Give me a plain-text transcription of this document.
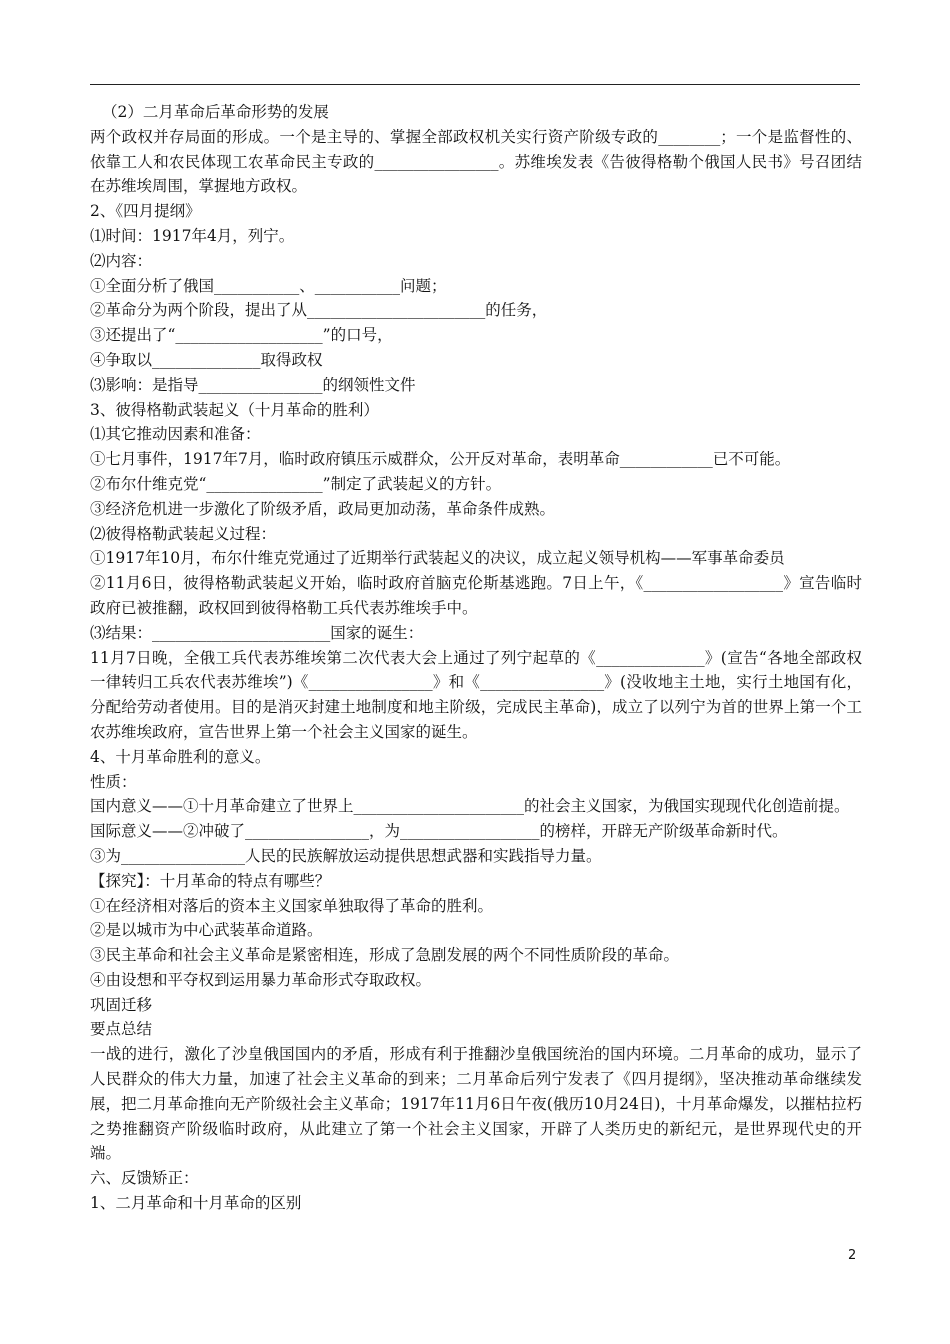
（2）二月革命后革命形势的发展

两个政权并存局面的形成。一个是主导的、掌握全部政权机关实行资产阶级专政的________；一个是监督性的、依靠工人和农民体现工农革命民主专政的________________。苏维埃发表《告彼得格勒个俄国人民书》号召团结在苏维埃周围，掌握地方政权。

2、《四月提纲》

⑴时间：1917年4月，列宁。

⑵内容：

①全面分析了俄国___________、___________问题；

②革命分为两个阶段，提出了从_______________________的任务，

③还提出了“___________________”的口号，

④争取以______________取得政权

⑶影响：是指导________________的纲领性文件

3、彼得格勒武装起义（十月革命的胜利）

⑴其它推动因素和准备：

①七月事件，1917年7月，临时政府镇压示威群众，公开反对革命，表明革命____________已不可能。

②布尔什维克党“_______________”制定了武装起义的方针。

③经济危机进一步激化了阶级矛盾，政局更加动荡，革命条件成熟。

⑵彼得格勒武装起义过程：

①1917年10月，布尔什维克党通过了近期举行武装起义的决议，成立起义领导机构——军事革命委员

②11月6日，彼得格勒武装起义开始，临时政府首脑克伦斯基逃跑。7日上午，《__________________》宣告临时政府已被推翻，政权回到彼得格勒工兵代表苏维埃手中。

⑶结果：_______________________国家的诞生：

11月7日晚，全俄工兵代表苏维埃第二次代表大会上通过了列宁起草的《______________》(宣告“各地全部政权一律转归工兵农代表苏维埃”)《________________》和《________________》(没收地主土地，实行土地国有化，分配给劳动者使用。目的是消灭封建土地制度和地主阶级，完成民主革命)，成立了以列宁为首的世界上第一个工农苏维埃政府，宣告世界上第一个社会主义国家的诞生。

4、十月革命胜利的意义。

性质：

国内意义——①十月革命建立了世界上______________________的社会主义国家，为俄国实现现代化创造前提。

国际意义——②冲破了________________，为__________________的榜样，开辟无产阶级革命新时代。

③为________________人民的民族解放运动提供思想武器和实践指导力量。

【探究】：十月革命的特点有哪些？

①在经济相对落后的资本主义国家单独取得了革命的胜利。

②是以城市为中心武装革命道路。

③民主革命和社会主义革命是紧密相连，形成了急剧发展的两个不同性质阶段的革命。

④由设想和平夺权到运用暴力革命形式夺取政权。

巩固迁移

要点总结

一战的进行，激化了沙皇俄国国内的矛盾，形成有利于推翻沙皇俄国统治的国内环境。二月革命的成功，显示了人民群众的伟大力量，加速了社会主义革命的到来；二月革命后列宁发表了《四月提纲》，坚决推动革命继续发展，把二月革命推向无产阶级社会主义革命；1917年11月6日午夜(俄历10月24日)，十月革命爆发，以摧枯拉朽之势推翻资产阶级临时政府，从此建立了第一个社会主义国家，开辟了人类历史的新纪元，是世界现代史的开端。

六、反馈矫正：

1、二月革命和十月革命的区别

2
